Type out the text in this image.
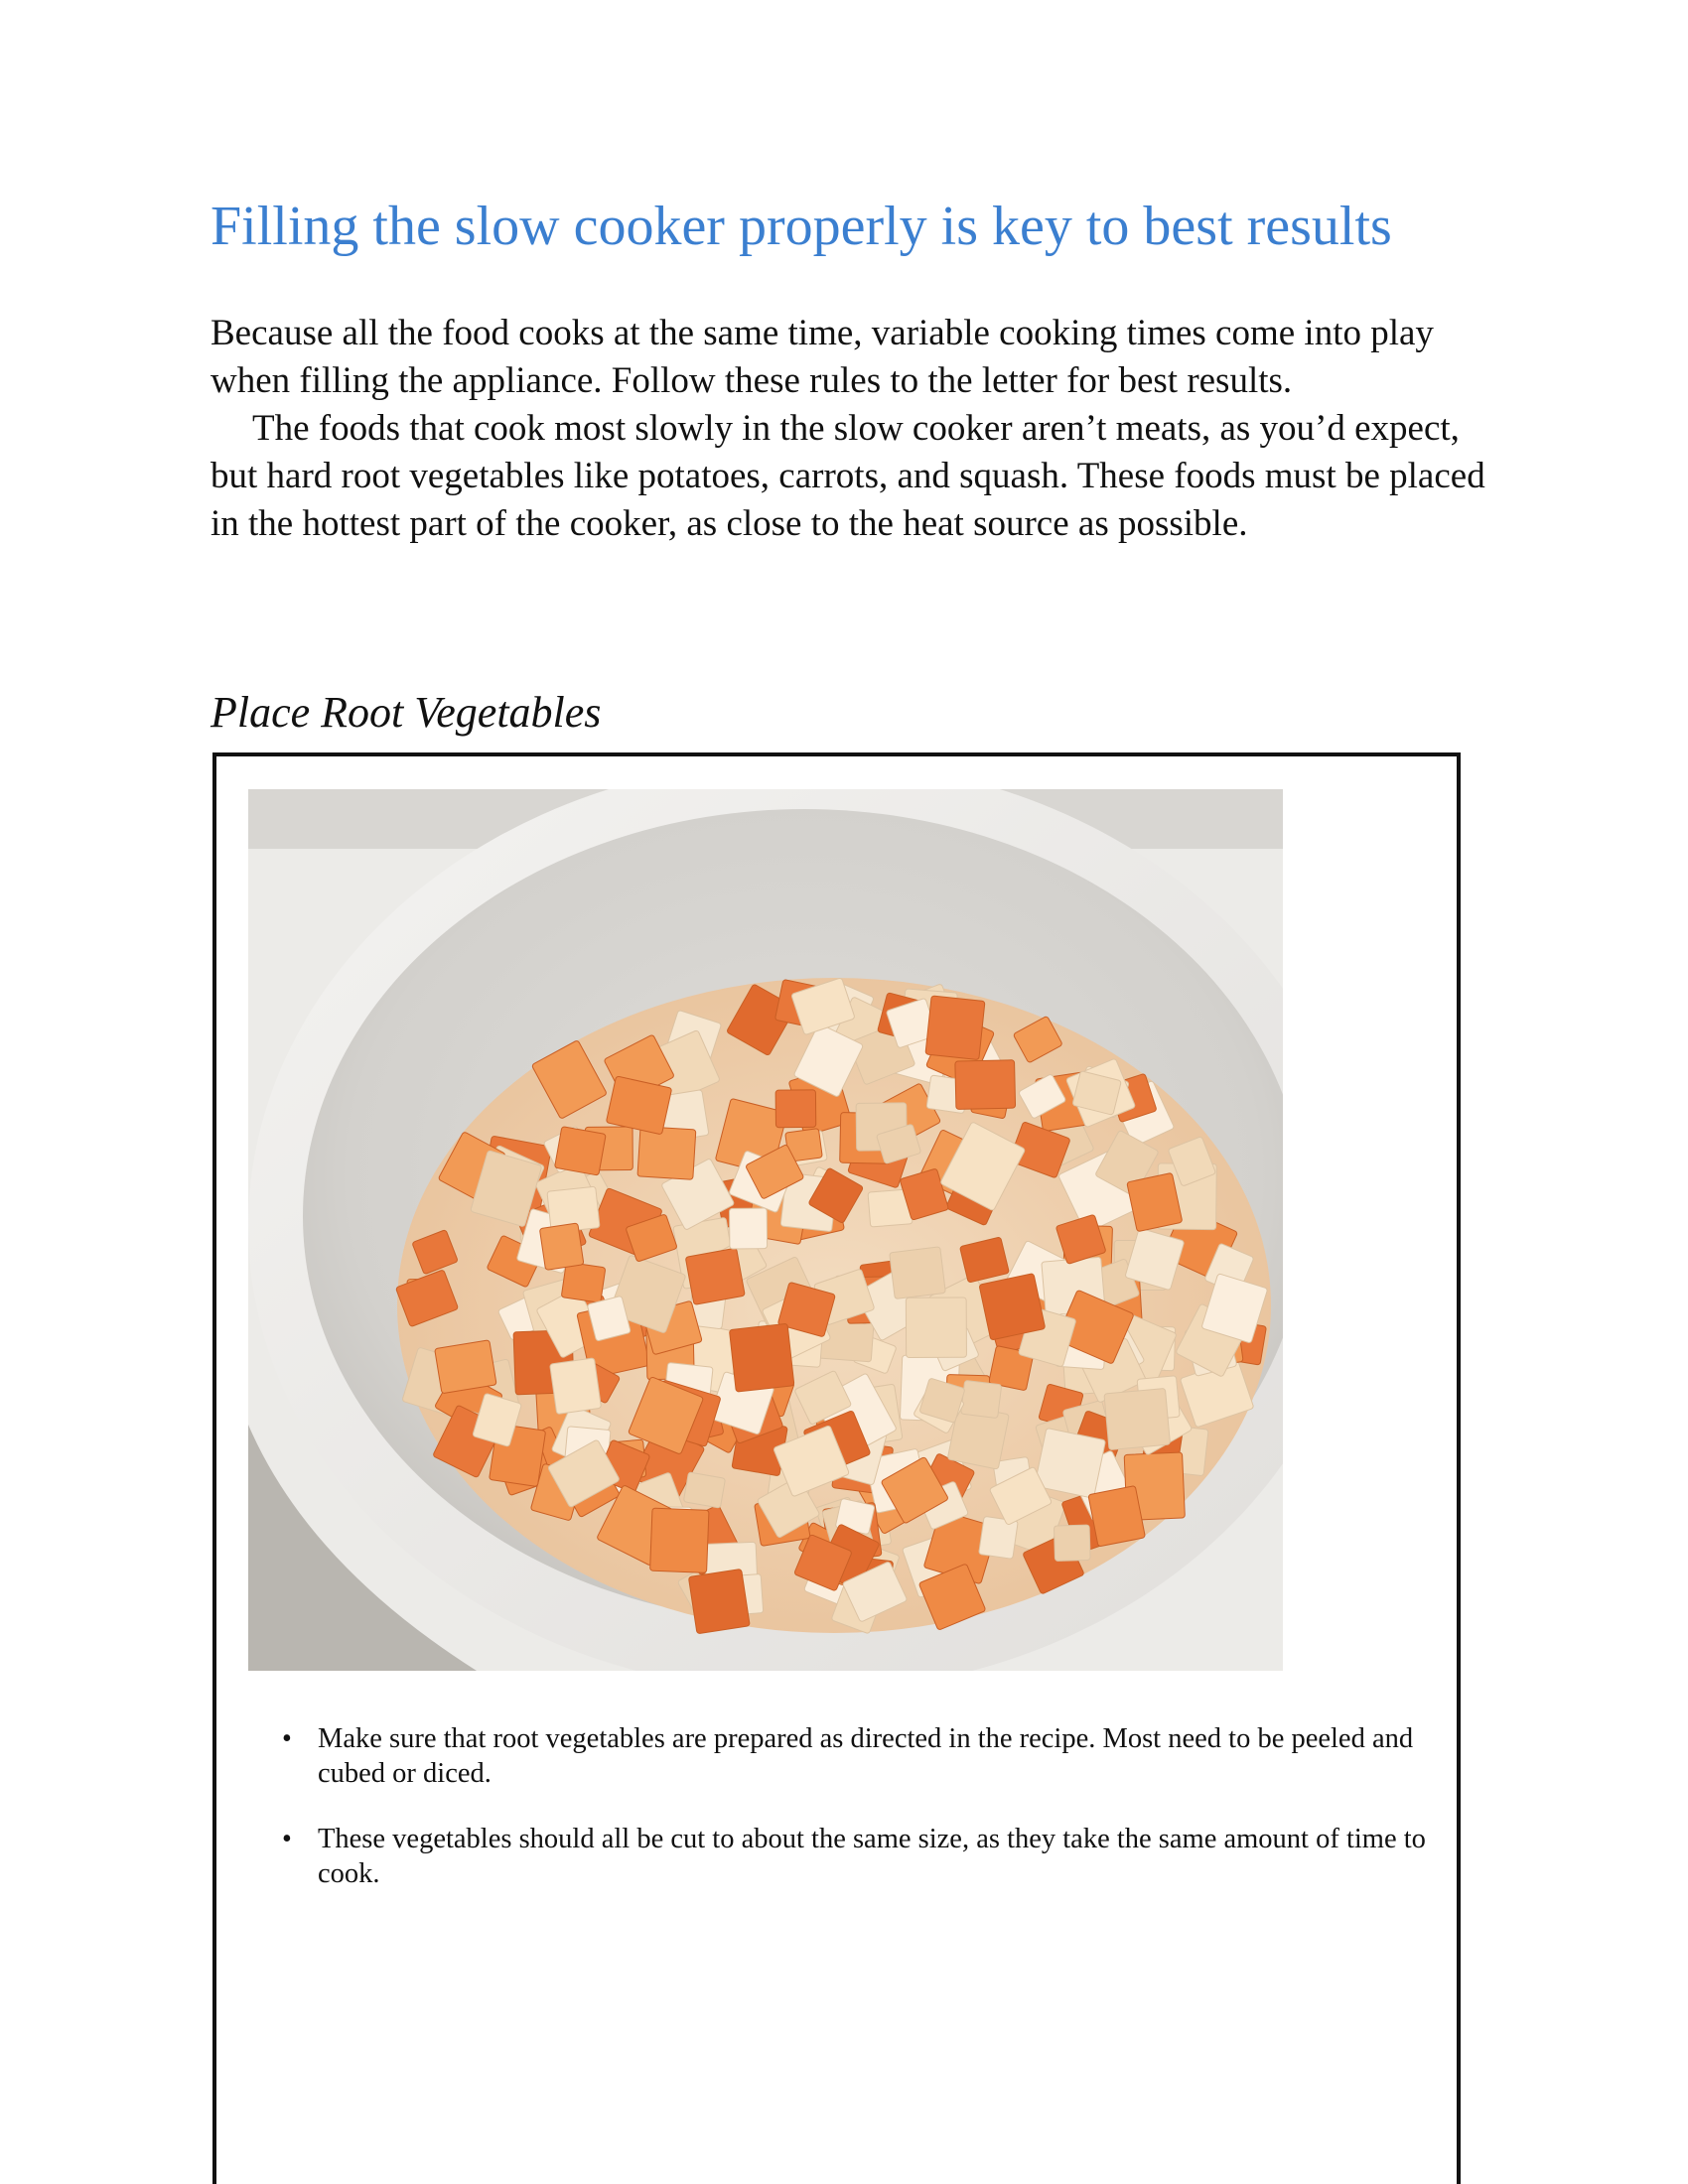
Filling the slow cooker properly is key to best results

Because all the food cooks at the same time, variable cooking times come into play when filling the appliance. Follow these rules to the letter for best results.

The foods that cook most slowly in the slow cooker aren’t meats, as you’d expect, but hard root vegetables like potatoes, carrots, and squash. These foods must be placed in the hottest part of the cooker, as close to the heat source as possible.

Place Root Vegetables
• Make sure that root vegetables are prepared as directed in the recipe. Most need to be peeled and cubed or diced.
• These vegetables should all be cut to about the same size, as they take the same amount of time to cook.
